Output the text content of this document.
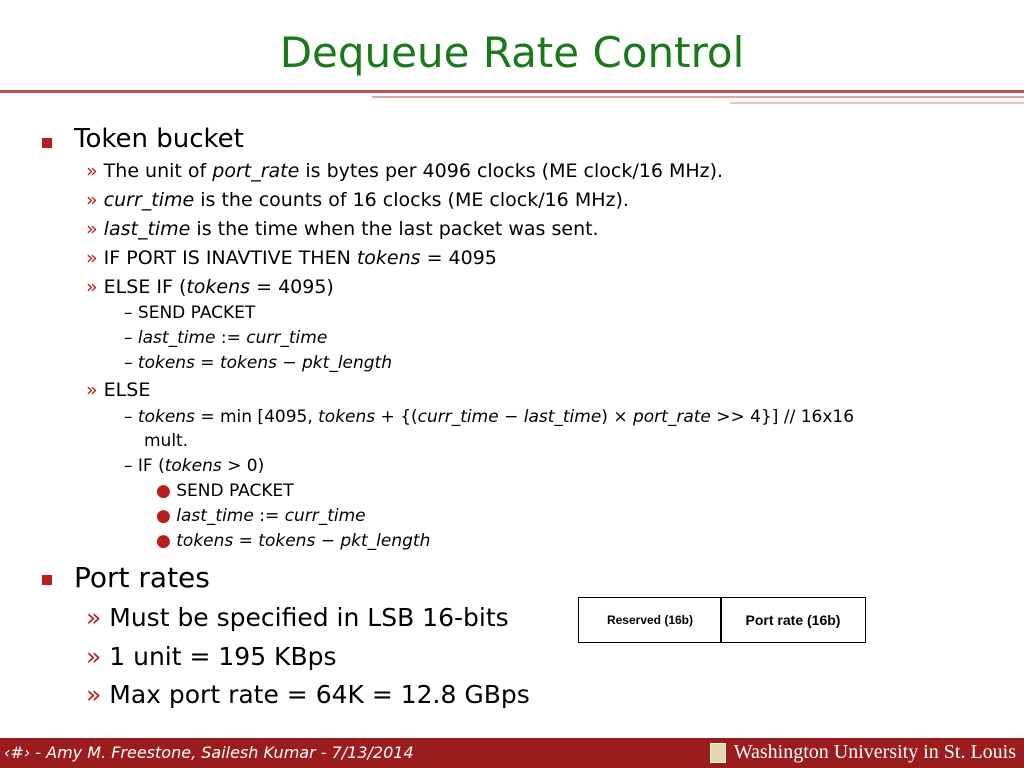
Dequeue Rate Control
Token bucket
» The unit of port_rate is bytes per 4096 clocks (ME clock/16 MHz).
» curr_time is the counts of 16 clocks (ME clock/16 MHz).
» last_time is the time when the last packet was sent.
» IF PORT IS INAVTIVE THEN tokens = 4095
» ELSE IF (tokens = 4095)
– SEND PACKET
– last_time := curr_time
– tokens = tokens − pkt_length
» ELSE
– tokens = min [4095, tokens + {(curr_time − last_time) × port_rate >> 4}] // 16x16
mult.
– IF (tokens > 0)
● SEND PACKET
● last_time := curr_time
● tokens = tokens − pkt_length
Port rates
» Must be specified in LSB 16-bits
» 1 unit = 195 KBps
» Max port rate = 64K = 12.8 GBps
Reserved (16b)	Port rate (16b)
‹#› - Amy M. Freestone, Sailesh Kumar - 7/13/2014	Washington University in St. Louis
